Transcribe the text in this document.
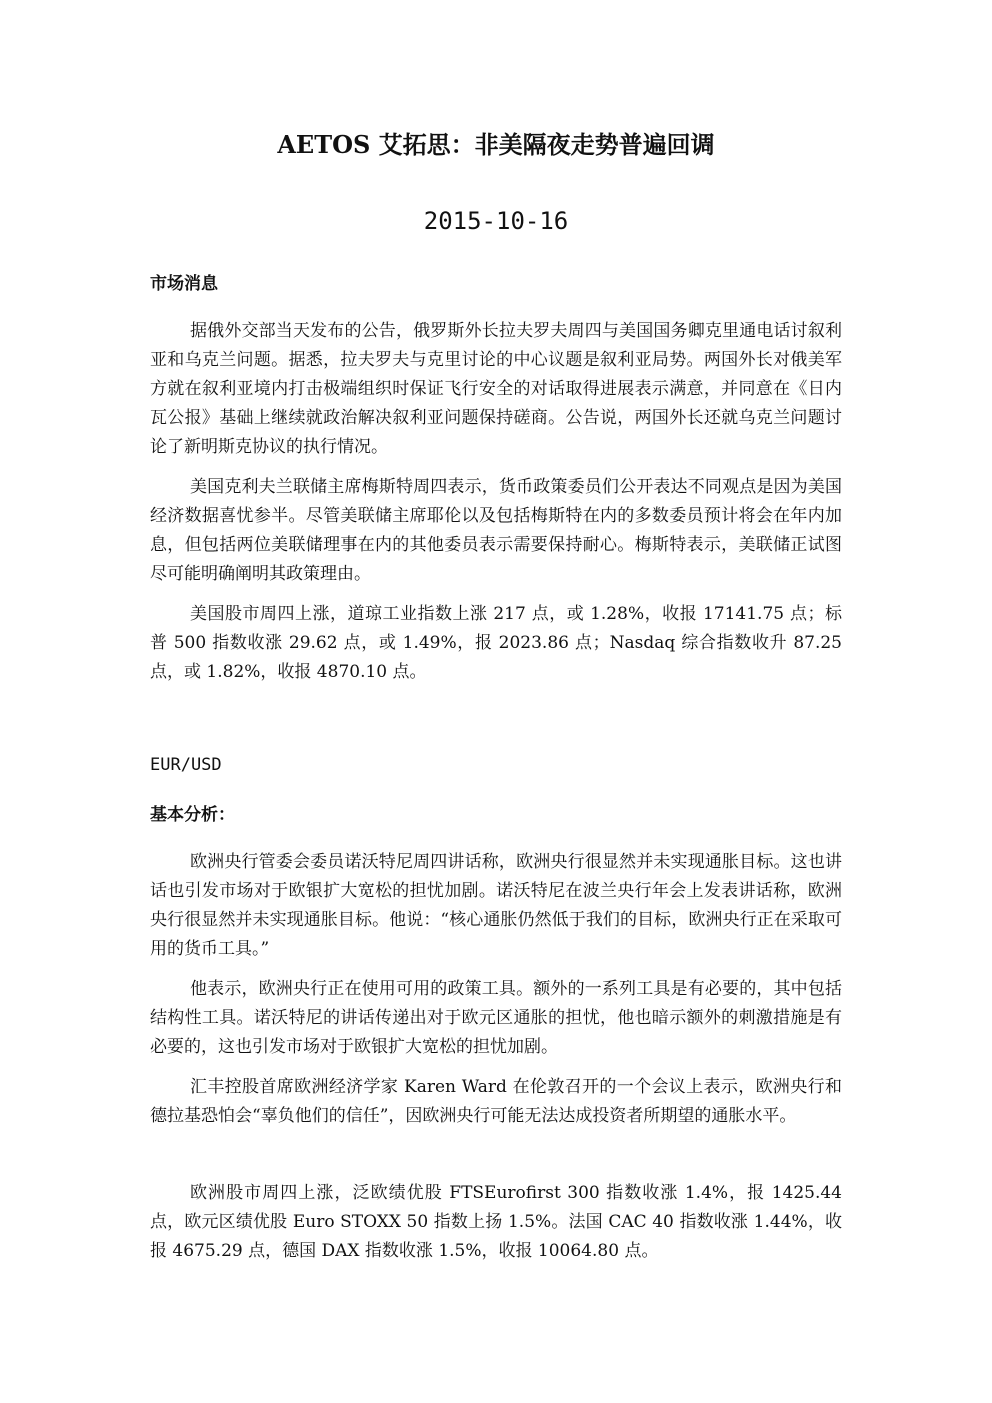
AETOS 艾拓思：非美隔夜走势普遍回调
2015-10-16
市场消息

据俄外交部当天发布的公告，俄罗斯外长拉夫罗夫周四与美国国务卿克里通电话讨叙利亚和乌克兰问题。据悉，拉夫罗夫与克里讨论的中心议题是叙利亚局势。两国外长对俄美军方就在叙利亚境内打击极端组织时保证飞行安全的对话取得进展表示满意，并同意在《日内瓦公报》基础上继续就政治解决叙利亚问题保持磋商。公告说，两国外长还就乌克兰问题讨论了新明斯克协议的执行情况。

美国克利夫兰联储主席梅斯特周四表示，货币政策委员们公开表达不同观点是因为美国经济数据喜忧参半。尽管美联储主席耶伦以及包括梅斯特在内的多数委员预计将会在年内加息，但包括两位美联储理事在内的其他委员表示需要保持耐心。梅斯特表示，美联储正试图尽可能明确阐明其政策理由。

美国股市周四上涨，道琼工业指数上涨 217 点，或 1.28%，收报 17141.75 点；标普 500 指数收涨 29.62 点，或 1.49%，报 2023.86 点；Nasdaq 综合指数收升 87.25 点，或 1.82%，收报 4870.10 点。

EUR/USD
基本分析：

欧洲央行管委会委员诺沃特尼周四讲话称，欧洲央行很显然并未实现通胀目标。这也讲话也引发市场对于欧银扩大宽松的担忧加剧。诺沃特尼在波兰央行年会上发表讲话称，欧洲央行很显然并未实现通胀目标。他说：“核心通胀仍然低于我们的目标，欧洲央行正在采取可用的货币工具。”

他表示，欧洲央行正在使用可用的政策工具。额外的一系列工具是有必要的，其中包括结构性工具。诺沃特尼的讲话传递出对于欧元区通胀的担忧，他也暗示额外的刺激措施是有必要的，这也引发市场对于欧银扩大宽松的担忧加剧。

汇丰控股首席欧洲经济学家 Karen Ward 在伦敦召开的一个会议上表示，欧洲央行和德拉基恐怕会“辜负他们的信任”，因欧洲央行可能无法达成投资者所期望的通胀水平。

欧洲股市周四上涨，泛欧绩优股 FTSEurofirst 300 指数收涨 1.4%，报 1425.44 点，欧元区绩优股 Euro STOXX 50 指数上扬 1.5%。法国 CAC 40 指数收涨 1.44%，收报 4675.29 点，德国 DAX 指数收涨 1.5%，收报 10064.80 点。
